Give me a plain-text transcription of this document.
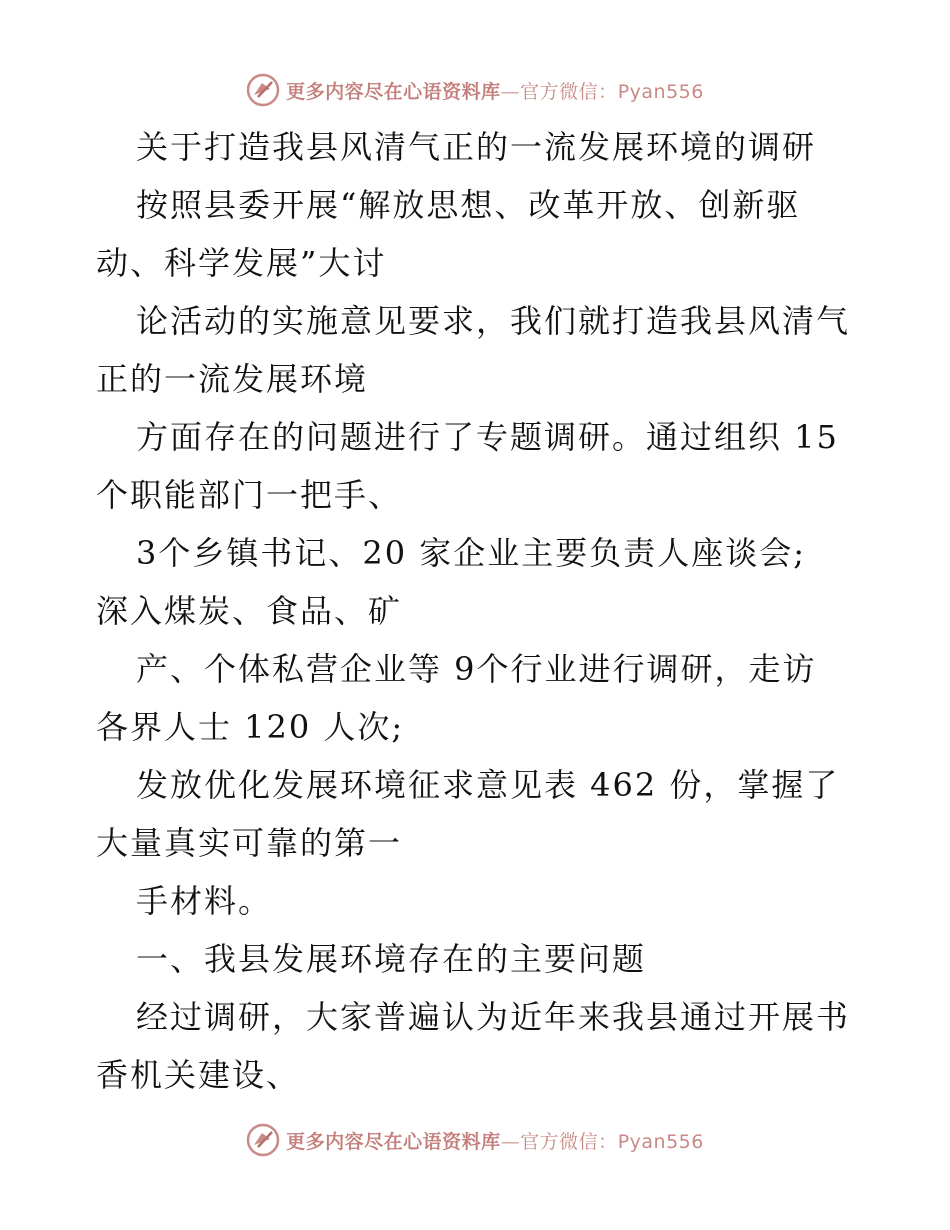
更多内容尽在心语资料库—官方微信：Pyan556
关于打造我县风清气正的一流发展环境的调研
按照县委开展“解放思想、改革开放、创新驱
动、科学发展”大讨
论活动的实施意见要求，我们就打造我县风清气
正的一流发展环境
方面存在的问题进行了专题调研。通过组织 15
个职能部门一把手、
3个乡镇书记、20 家企业主要负责人座谈会;
深入煤炭、食品、矿
产、个体私营企业等 9个行业进行调研，走访
各界人士 120 人次;
发放优化发展环境征求意见表 462 份，掌握了
大量真实可靠的第一
手材料。
一、我县发展环境存在的主要问题
经过调研，大家普遍认为近年来我县通过开展书
香机关建设、
更多内容尽在心语资料库—官方微信：Pyan556
